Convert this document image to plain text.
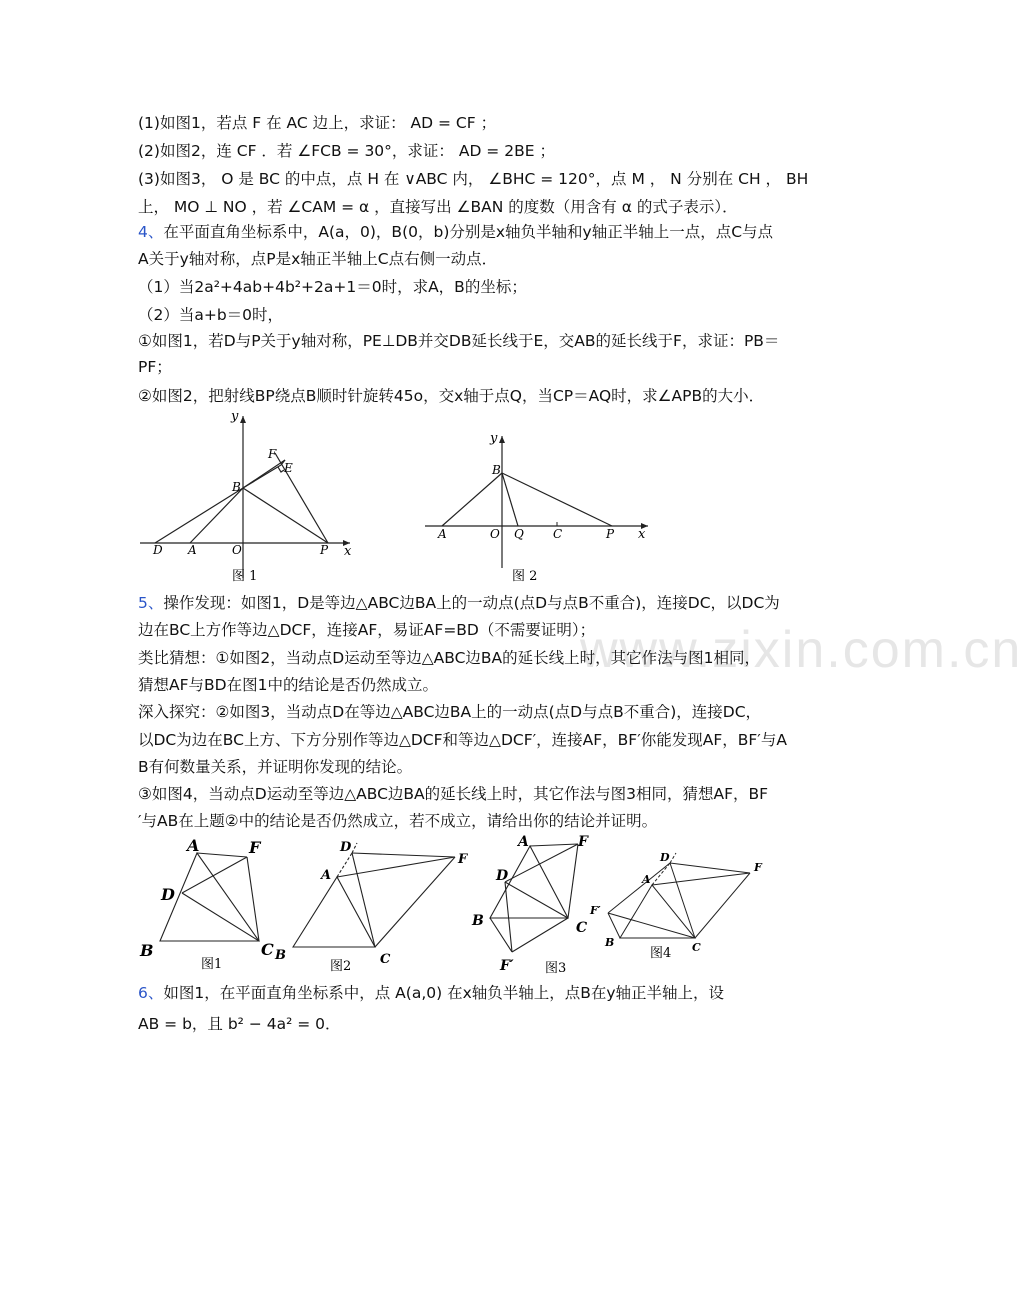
www.zixin.com.cn
(1)如图1，若点 F 在 AC 边上，求证： AD = CF ；
(2)如图2，连 CF ．若 ∠FCB = 30°，求证： AD = 2BE ；
(3)如图3， O 是 BC 的中点，点 H 在 ∨ABC 内， ∠BHC = 120°，点 M ， N 分别在 CH ， BH
上， MO ⊥ NO ，若 ∠CAM = α ，直接写出 ∠BAN 的度数（用含有 α 的式子表示）．
4、在平面直角坐标系中，A(a，0)，B(0，b)分别是x轴负半轴和y轴正半轴上一点，点C与点
A关于y轴对称，点P是x轴正半轴上C点右侧一动点．
（1）当2a²+4ab+4b²+2a+1＝0时，求A，B的坐标；
（2）当a+b＝0时，
①如图1，若D与P关于y轴对称，PE⊥DB并交DB延长线于E，交AB的延长线于F，求证：PB＝
PF；
②如图2，把射线BP绕点B顺时针旋转45o，交x轴于点Q，当CP＝AQ时，求∠APB的大小．
y
x
F
E
B
D A	O	P
图 1
y
x
B
A	O Q C	P
图 2
5、操作发现：如图1，D是等边△ABC边BA上的一动点(点D与点B不重合)，连接DC，以DC为
边在BC上方作等边△DCF，连接AF，易证AF=BD（不需要证明）；
类比猜想：①如图2，当动点D运动至等边△ABC边BA的延长线上时，其它作法与图1相同，
猜想AF与BD在图1中的结论是否仍然成立。
深入探究：②如图3，当动点D在等边△ABC边BA上的一动点(点D与点B不重合)，连接DC，
以DC为边在BC上方、下方分别作等边△DCF和等边△DCF′，连接AF，BF′你能发现AF，BF′与A
B有何数量关系，并证明你发现的结论。
③如图4，当动点D运动至等边△ABC边BA的延长线上时，其它作法与图3相同，猜想AF，BF
′与AB在上题②中的结论是否仍然成立，若不成立，请给出你的结论并证明。
A	F
D
B	C
图1
D
F
A
B	C
图2
A	F
D
B	C
F′ 图3
D
F
A
F′
B	C
图4
6、如图1，在平面直角坐标系中，点 A(a,0) 在x轴负半轴上，点B在y轴正半轴上，设
AB = b，且 b² − 4a² = 0．
